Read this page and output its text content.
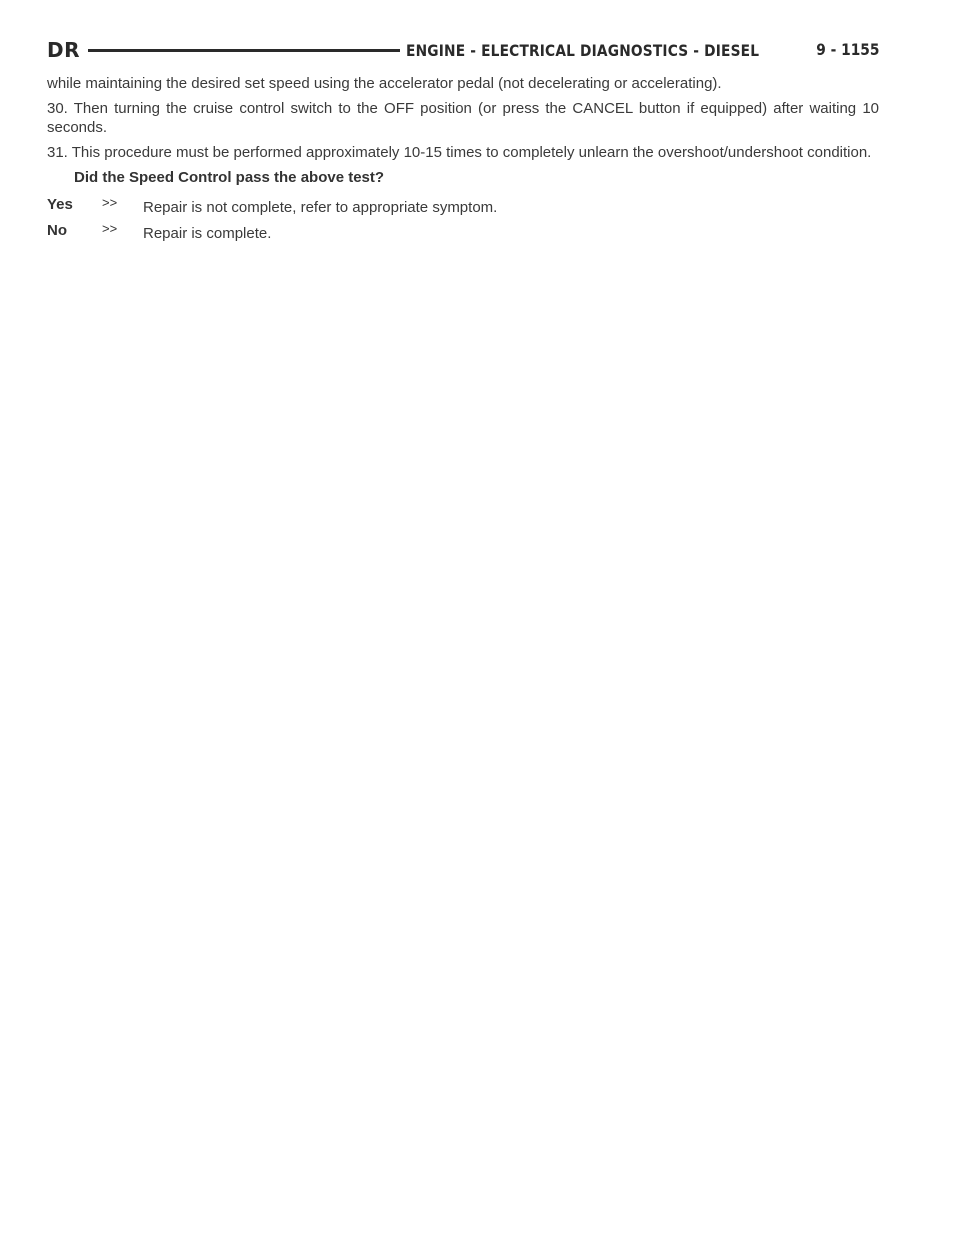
DR	ENGINE - ELECTRICAL DIAGNOSTICS - DIESEL	9 - 1155

while maintaining the desired set speed using the accelerator pedal (not decelerating or accelerating).

30. Then turning the cruise control switch to the OFF position (or press the CANCEL button if equipped) after waiting 10 seconds.

31. This procedure must be performed approximately 10-15 times to completely unlearn the overshoot/undershoot condition.

Did the Speed Control pass the above test?
Yes >> Repair is not complete, refer to appropriate symptom.
No	>> Repair is complete.
